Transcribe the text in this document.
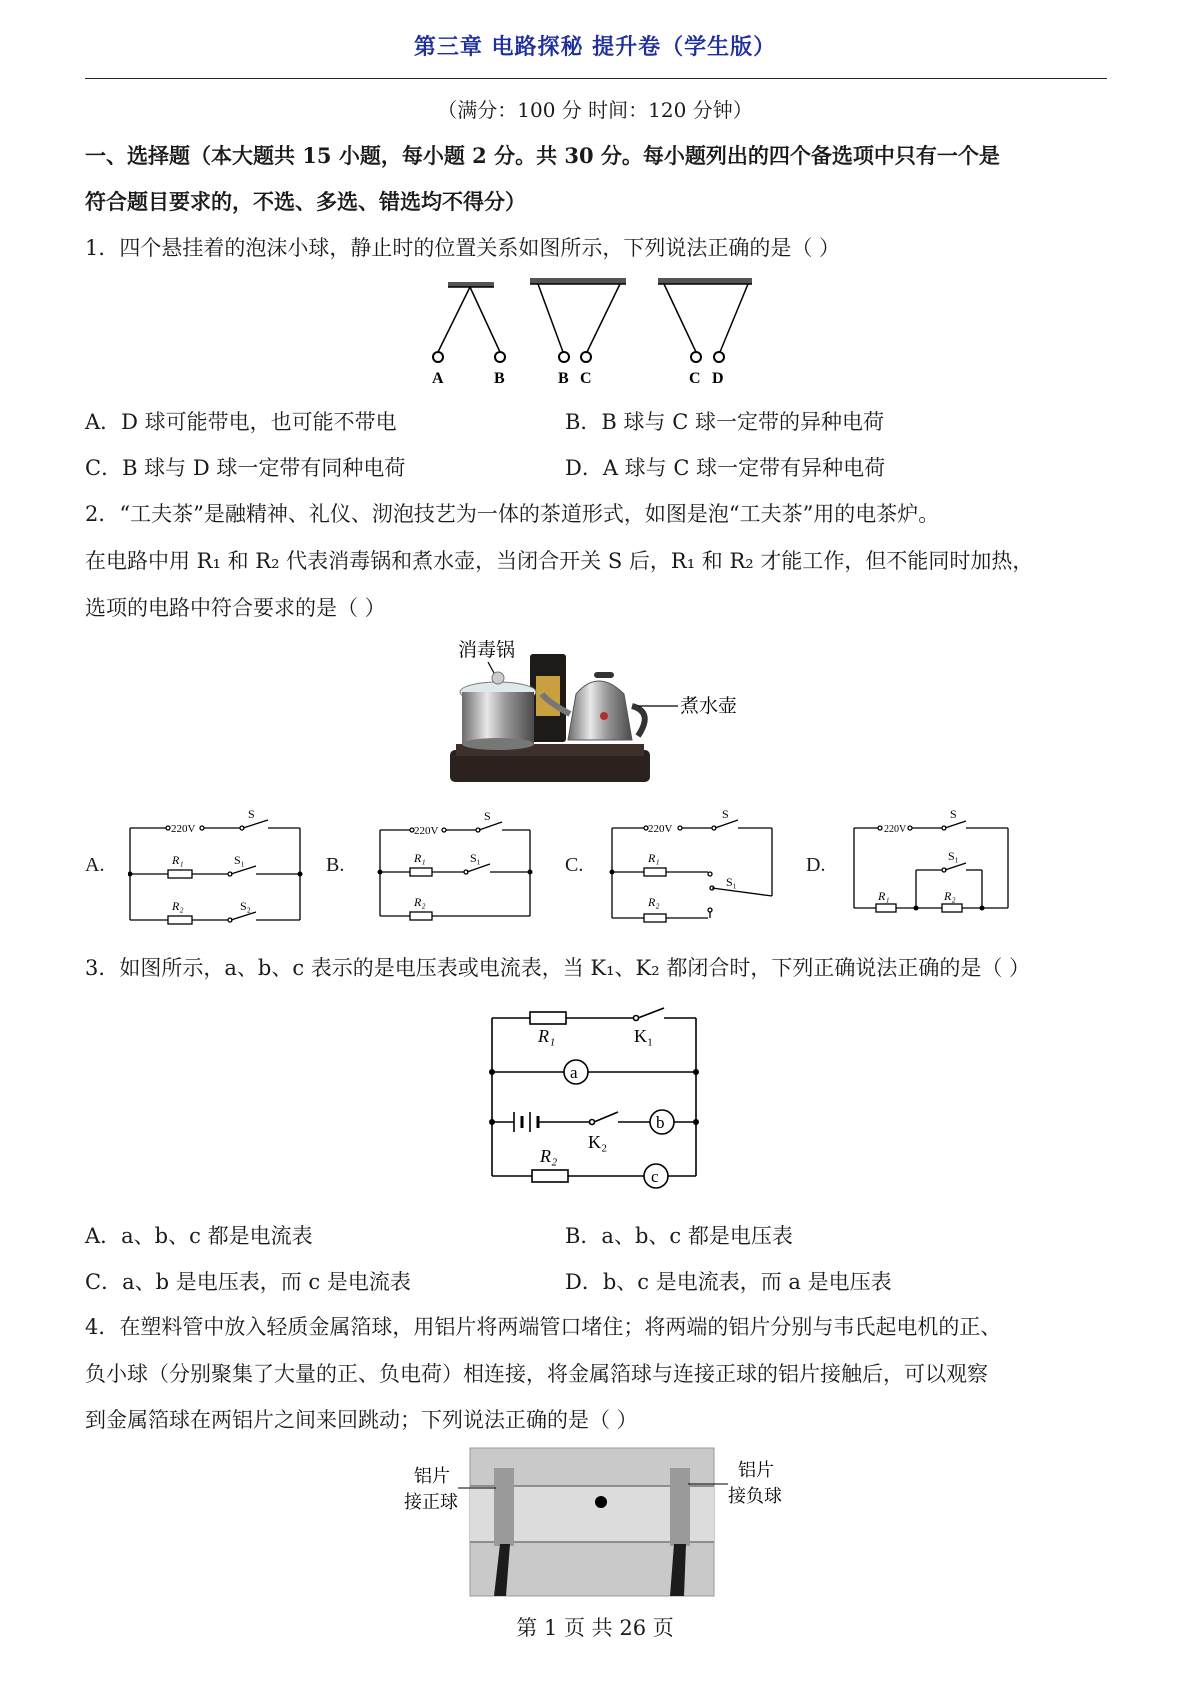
第三章 电路探秘 提升卷（学生版）
（满分：100 分 时间：120 分钟）
一、选择题（本大题共 15 小题，每小题 2 分。共 30 分。每小题列出的四个备选项中只有一个是
符合题目要求的，不选、多选、错选均不得分）
1．四个悬挂着的泡沫小球，静止时的位置关系如图所示，下列说法正确的是（ ）
A	B	B C	C D
A．D 球可能带电，也可能不带电	B．B 球与 C 球一定带的异种电荷
C．B 球与 D 球一定带有同种电荷	D．A 球与 C 球一定带有异种电荷
2．“工夫茶”是融精神、礼仪、沏泡技艺为一体的茶道形式，如图是泡“工夫茶”用的电茶炉。
在电路中用 R₁ 和 R₂ 代表消毒锅和煮水壶，当闭合开关 S 后，R₁ 和 R₂ 才能工作，但不能同时加热，
选项的电路中符合要求的是（ ）
消毒锅
煮水壶
A.
220V
S
R₁	S₁
R₂	S₂
B.
220V
S
R₁	S₁
R₂
C.
220V
S
R₁
S₁
R₂
D.
220V
S
S₁
R₁	R₂
3．如图所示，a、b、c 表示的是电压表或电流表，当 K₁、K₂ 都闭合时，下列正确说法正确的是（ ）
R₁	K₁
a
K₂
b
R₂
c
A．a、b、c 都是电流表	B．a、b、c 都是电压表
C．a、b 是电压表，而 c 是电流表	D．b、c 是电流表，而 a 是电压表
4．在塑料管中放入轻质金属箔球，用铝片将两端管口堵住；将两端的铝片分别与韦氏起电机的正、
负小球（分别聚集了大量的正、负电荷）相连接，将金属箔球与连接正球的铝片接触后，可以观察
到金属箔球在两铝片之间来回跳动；下列说法正确的是（ ）
铝片
接正球
铝片
接负球
第 1 页 共 26 页
